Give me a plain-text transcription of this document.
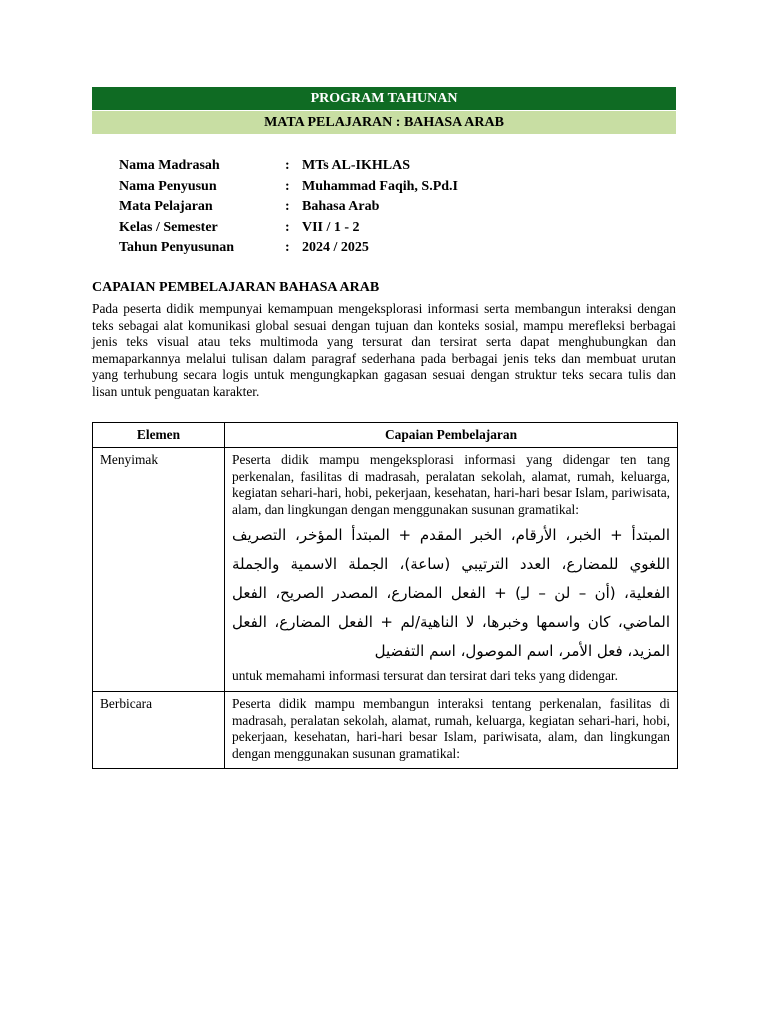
PROGRAM TAHUNAN
MATA PELAJARAN : BAHASA ARAB
Nama Madrasah	: MTs AL-IKHLAS
Nama Penyusun	: Muhammad Faqih, S.Pd.I
Mata Pelajaran	: Bahasa Arab
Kelas / Semester	: VII / 1 - 2
Tahun Penyusunan	: 2024 / 2025
CAPAIAN PEMBELAJARAN BAHASA ARAB

Pada peserta didik mempunyai kemampuan mengeksplorasi informasi serta membangun interaksi dengan teks sebagai alat komunikasi global sesuai dengan tujuan dan konteks sosial, mampu merefleksi berbagai jenis teks visual atau teks multimoda yang tersurat dan tersirat serta dapat menghubungkan dan memaparkannya melalui tulisan dalam paragraf sederhana pada berbagai jenis teks dan membuat urutan yang terhubung secara logis untuk mengungkapkan gagasan sesuai dengan struktur teks secara tulis dan lisan untuk penguatan karakter.

Elemen	Capaian Pembelajaran
Menyimak	Peserta didik mampu mengeksplorasi informasi yang didengar ten tang perkenalan, fasilitas di madrasah, peralatan sekolah, alamat, rumah, keluarga, kegiatan sehari-hari, hobi, pekerjaan, kesehatan, hari-hari besar Islam, pariwisata, alam, dan lingkungan dengan menggunakan susunan gramatikal:

المبتدأ + الخبر، الأرقام، الخبر المقدم + المبتدأ المؤخر، التصريف اللغوي للمضارع، العدد الترتيبي (ساعة)، الجملة الاسمية والجملة الفعلية، (أن – لن – لـِ) + الفعل المضارع، المصدر الصريح، الفعل الماضي، كان واسمها وخبرها، لا الناهية/لم + الفعل المضارع، الفعل المزيد، فعل الأمر، اسم الموصول، اسم التفضيل

untuk memahami informasi tersurat dan tersirat dari teks yang didengar.

Berbicara	Peserta didik mampu membangun interaksi tentang perkenalan, fasilitas di madrasah, peralatan sekolah, alamat, rumah, keluarga, kegiatan sehari-hari, hobi, pekerjaan, kesehatan, hari-hari besar Islam, pariwisata, alam, dan lingkungan dengan menggunakan susunan gramatikal:
